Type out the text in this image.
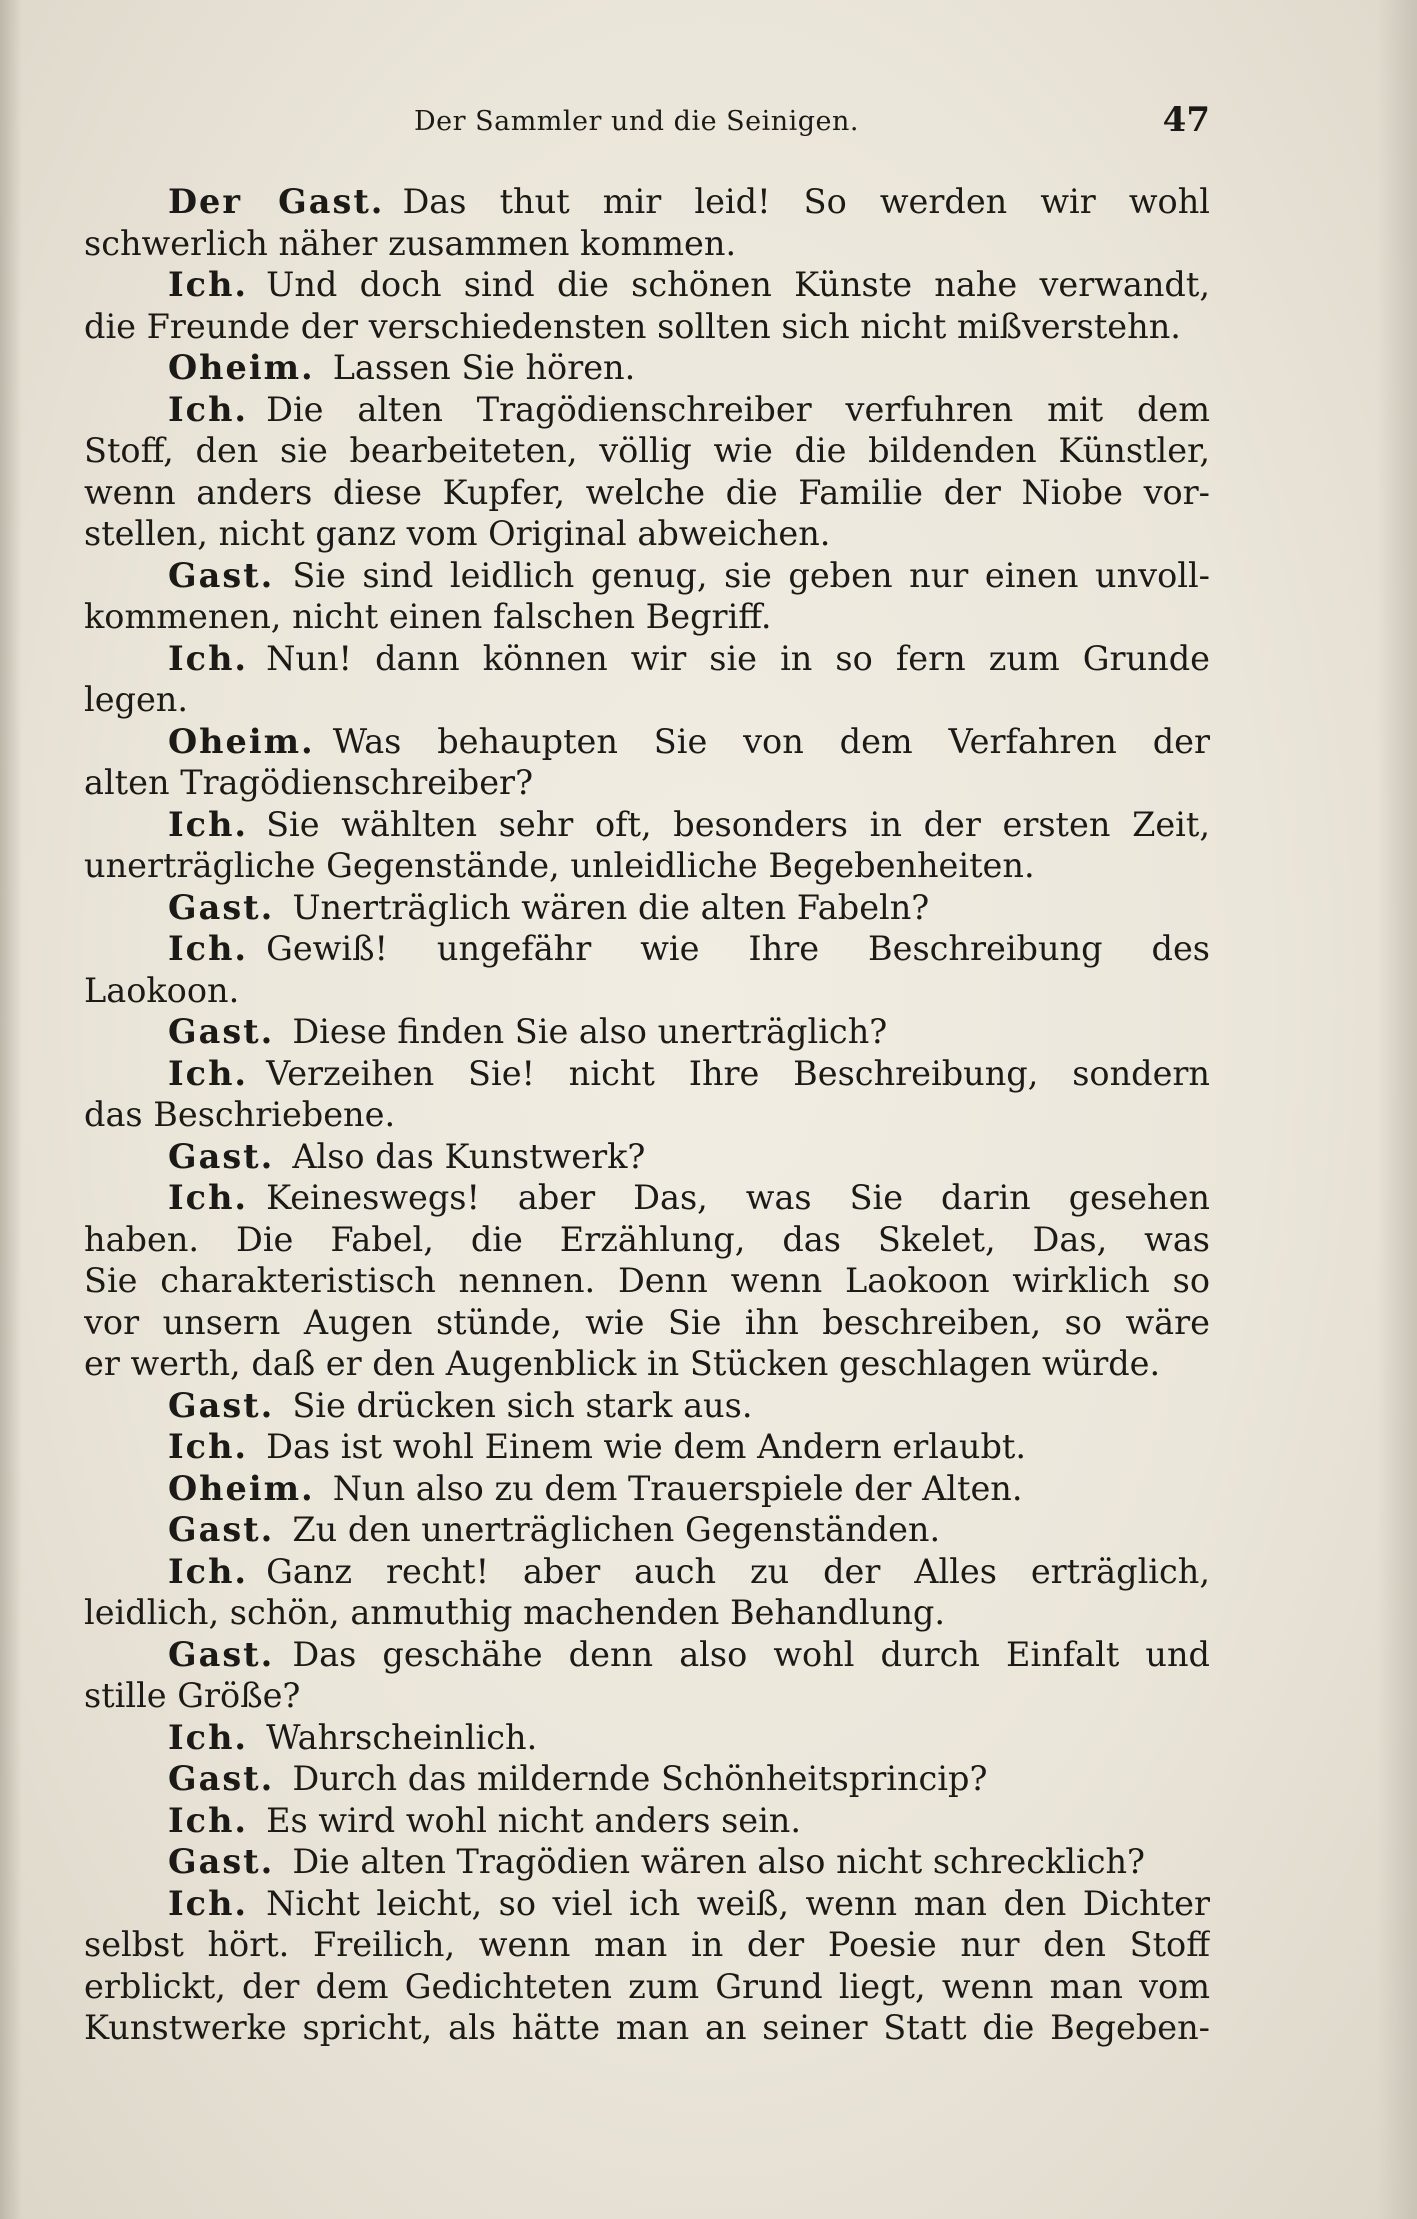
Der Sammler und die Seinigen.	47
Der Gast. Das thut mir leid! So werden wir wohl
schwerlich näher zusammen kommen.
Ich. Und doch sind die schönen Künste nahe verwandt,
die Freunde der verschiedensten sollten sich nicht mißverstehn.
Oheim. Lassen Sie hören.
Ich. Die alten Tragödienschreiber verfuhren mit dem
Stoff, den sie bearbeiteten, völlig wie die bildenden Künstler,
wenn anders diese Kupfer, welche die Familie der Niobe vor-
stellen, nicht ganz vom Original abweichen.
Gast. Sie sind leidlich genug, sie geben nur einen unvoll-
kommenen, nicht einen falschen Begriff.
Ich. Nun! dann können wir sie in so fern zum Grunde
legen.
Oheim. Was behaupten Sie von dem Verfahren der
alten Tragödienschreiber?
Ich. Sie wählten sehr oft, besonders in der ersten Zeit,
unerträgliche Gegenstände, unleidliche Begebenheiten.
Gast. Unerträglich wären die alten Fabeln?
Ich. Gewiß! ungefähr wie Ihre Beschreibung des
Laokoon.
Gast. Diese finden Sie also unerträglich?
Ich. Verzeihen Sie! nicht Ihre Beschreibung, sondern
das Beschriebene.
Gast. Also das Kunstwerk?
Ich. Keineswegs! aber Das, was Sie darin gesehen
haben. Die Fabel, die Erzählung, das Skelet, Das, was
Sie charakteristisch nennen. Denn wenn Laokoon wirklich so
vor unsern Augen stünde, wie Sie ihn beschreiben, so wäre
er werth, daß er den Augenblick in Stücken geschlagen würde.
Gast. Sie drücken sich stark aus.
Ich. Das ist wohl Einem wie dem Andern erlaubt.
Oheim. Nun also zu dem Trauerspiele der Alten.
Gast. Zu den unerträglichen Gegenständen.
Ich. Ganz recht! aber auch zu der Alles erträglich,
leidlich, schön, anmuthig machenden Behandlung.
Gast. Das geschähe denn also wohl durch Einfalt und
stille Größe?
Ich. Wahrscheinlich.
Gast. Durch das mildernde Schönheitsprincip?
Ich. Es wird wohl nicht anders sein.
Gast. Die alten Tragödien wären also nicht schrecklich?
Ich. Nicht leicht, so viel ich weiß, wenn man den Dichter
selbst hört. Freilich, wenn man in der Poesie nur den Stoff
erblickt, der dem Gedichteten zum Grund liegt, wenn man vom
Kunstwerke spricht, als hätte man an seiner Statt die Begeben-
